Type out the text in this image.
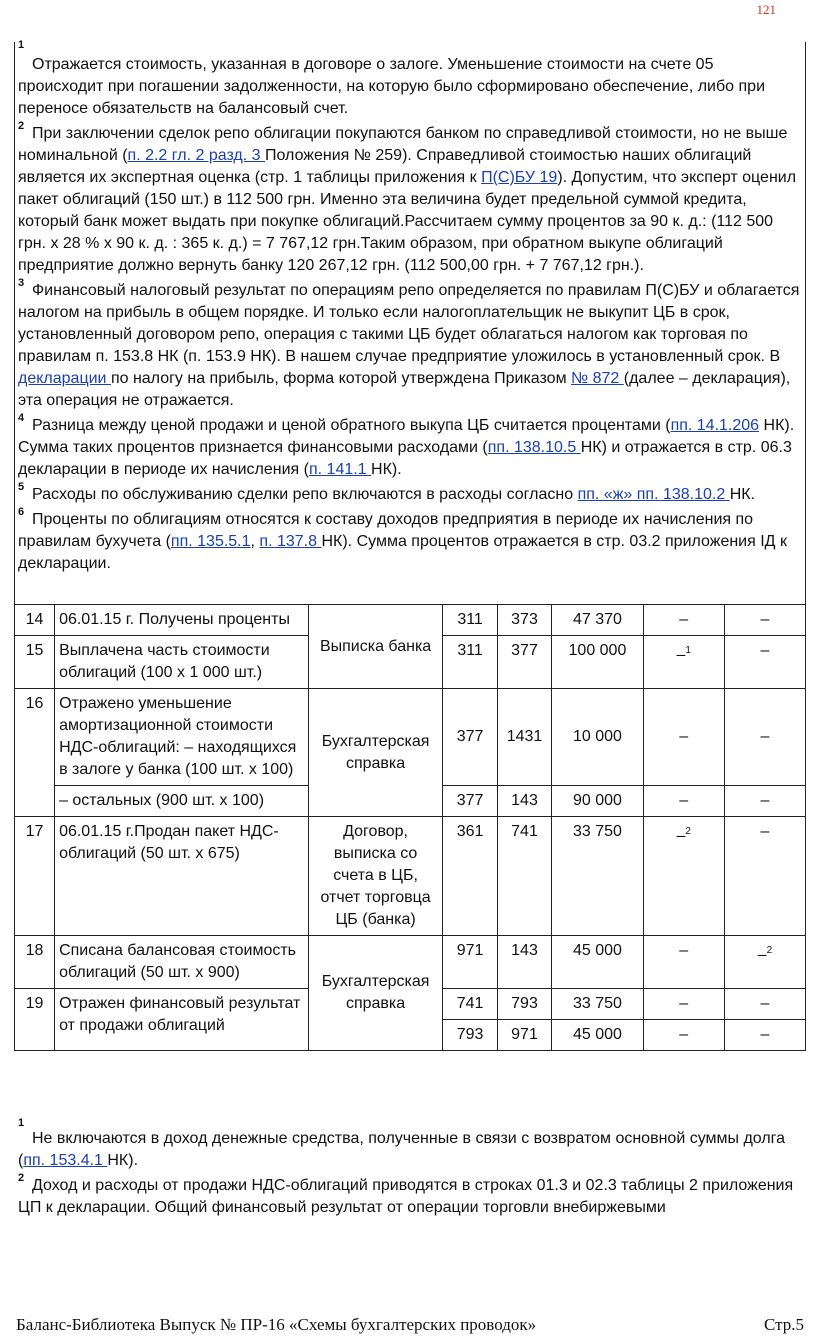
121
1
Отражается стоимость, указанная в договоре о залоге. Уменьшение стоимости на счете 05 происходит при погашении задолженности, на которую было сформировано обеспечение, либо при переносе обязательств на балансовый счет.
2 При заключении сделок репо облигации покупаются банком по справедливой стоимости, но не выше номинальной (п. 2.2 гл. 2 разд. 3 Положения № 259). Справедливой стоимостью наших облигаций является их экспертная оценка (стр. 1 таблицы приложения к П(С)БУ 19). Допустим, что эксперт оценил пакет облигаций (150 шт.) в 112 500 грн. Именно эта величина будет предельной суммой кредита, который банк может выдать при покупке облигаций.Рассчитаем сумму процентов за 90 к. д.: (112 500 грн. х 28 % х 90 к. д. : 365 к. д.) = 7 767,12 грн.Таким образом, при обратном выкупе облигаций предприятие должно вернуть банку 120 267,12 грн. (112 500,00 грн. + 7 767,12 грн.).
3 Финансовый налоговый результат по операциям репо определяется по правилам П(С)БУ и облагается налогом на прибыль в общем порядке. И только если налогоплательщик не выкупит ЦБ в срок, установленный договором репо, операция с такими ЦБ будет облагаться налогом как торговая по правилам п. 153.8 НК (п. 153.9 НК). В нашем случае предприятие уложилось в установленный срок. В декларации по налогу на прибыль, форма которой утверждена Приказом № 872 (далее – декларация), эта операция не отражается.
4 Разница между ценой продажи и ценой обратного выкупа ЦБ считается процентами (пп. 14.1.206 НК). Сумма таких процентов признается финансовыми расходами (пп. 138.10.5 НК) и отражается в стр. 06.3 декларации в периоде их начисления (п. 141.1 НК).
5 Расходы по обслуживанию сделки репо включаются в расходы согласно пп. «ж» пп. 138.10.2 НК.
6 Проценты по облигациям относятся к составу доходов предприятия в периоде их начисления по правилам бухучета (пп. 135.5.1, п. 137.8 НК). Сумма процентов отражается в стр. 03.2 приложения ІД к декларации.
14	06.01.15 г. Получены проценты	Выписка банка	311	373	47 370	–	–
15	Выплачена часть стоимости облигаций (100 х 1 000 шт.)		311	377	100 000	–$^1$	–
16	Отражено уменьшение амортизационной стоимости НДС-облигаций: – находящихся в залоге у банка (100 шт. х 100)	Бухгалтерская справка	377	1431	10 000	–	–
	– остальных (900 шт. х 100)		377	143	90 000	–	–
17	06.01.15 г.Продан пакет НДС-облигаций (50 шт. х 675)	Договор, выписка со счета в ЦБ, отчет торговца ЦБ (банка)	361	741	33 750	–$^2$	–
18	Списана балансовая стоимость облигаций (50 шт. х 900)	Бухгалтерская справка	971	143	45 000	–	–$^2$
19	Отражен финансовый результат от продажи облигаций		741	793	33 750	–	–
			793	971	45 000	–	–
1
Не включаются в доход денежные средства, полученные в связи с возвратом основной суммы долга (пп. 153.4.1 НК).
2 Доход и расходы от продажи НДС-облигаций приводятся в строках 01.3 и 02.3 таблицы 2 приложения ЦП к декларации. Общий финансовый результат от операции торговли внебиржевыми
Баланс-Библиотека Выпуск № ПР-16 «Схемы бухгалтерских проводок»	Стр.5
